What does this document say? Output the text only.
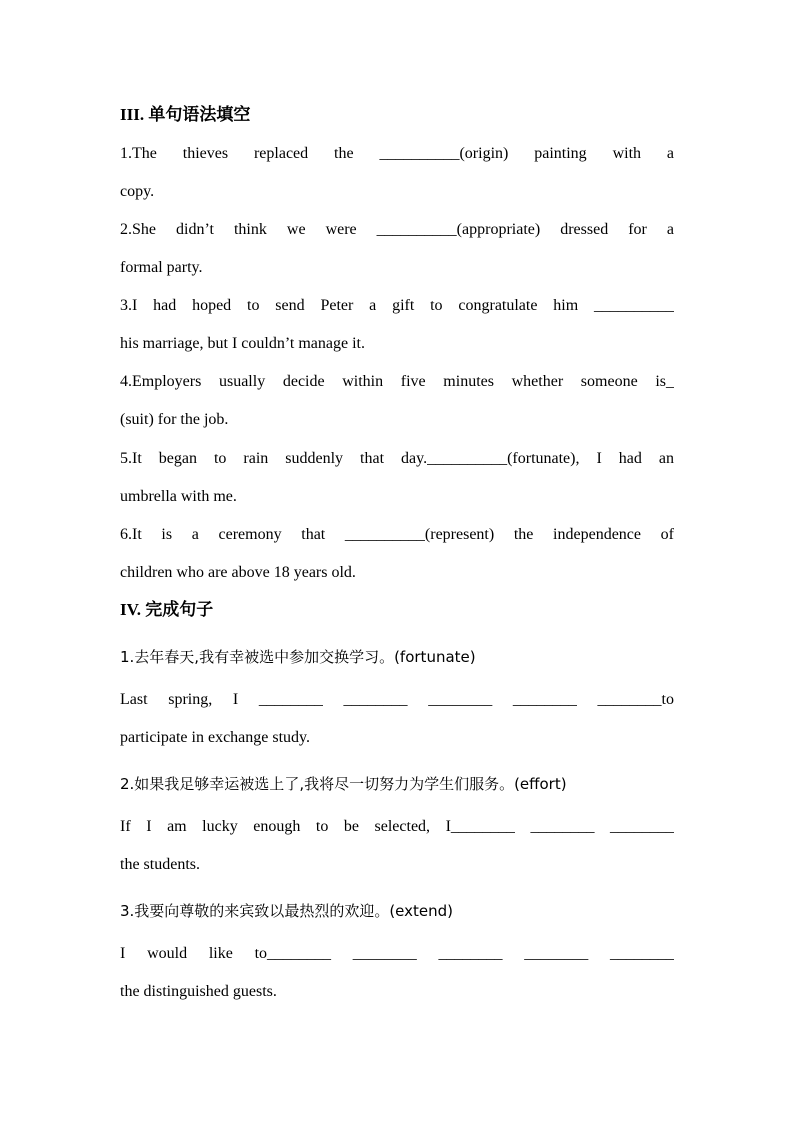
III. 单句语法填空
1.The thieves replaced the __________(origin) painting with a
copy.
2.She didn’t think we were __________(appropriate) dressed for a
formal party.
3.I had hoped to send Peter a gift to congratulate him __________
his marriage, but I couldn’t manage it.
4.Employers usually decide within five minutes whether someone is_
(suit) for the job.
5.It began to rain suddenly that day.__________(fortunate), I had an
umbrella with me.
6.It is a ceremony that __________(represent) the independence of
children who are above 18 years old.
IV. 完成句子
1.去年春天,我有幸被选中参加交换学习。(fortunate)
Last spring, I ________ ________ ________ ________ ________to
participate in exchange study.
2.如果我足够幸运被选上了,我将尽一切努力为学生们服务。(effort)
If I am lucky enough to be selected, I________ ________ ________
the students.
3.我要向尊敬的来宾致以最热烈的欢迎。(extend)
I would like to________ ________ ________ ________ ________
the distinguished guests.
